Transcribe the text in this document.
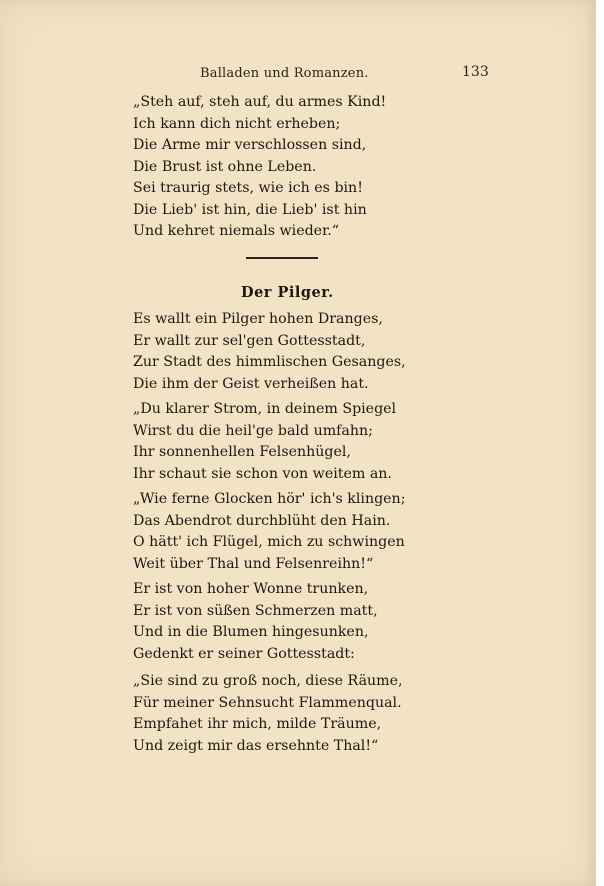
Balladen und Romanzen.	133

„Steh auf, steh auf, du armes Kind!
Ich kann dich nicht erheben;
Die Arme mir verschlossen sind,
Die Brust ist ohne Leben.
Sei traurig stets, wie ich es bin!
Die Lieb' ist hin, die Lieb' ist hin
Und kehret niemals wieder.“

Der Pilger.

Es wallt ein Pilger hohen Dranges,
Er wallt zur sel'gen Gottesstadt,
Zur Stadt des himmlischen Gesanges,
Die ihm der Geist verheißen hat.

„Du klarer Strom, in deinem Spiegel
Wirst du die heil'ge bald umfahn;
Ihr sonnenhellen Felsenhügel,
Ihr schaut sie schon von weitem an.

„Wie ferne Glocken hör' ich's klingen;
Das Abendrot durchblüht den Hain.
O hätt' ich Flügel, mich zu schwingen
Weit über Thal und Felsenreihn!“

Er ist von hoher Wonne trunken,
Er ist von süßen Schmerzen matt,
Und in die Blumen hingesunken,
Gedenkt er seiner Gottesstadt:

„Sie sind zu groß noch, diese Räume,
Für meiner Sehnsucht Flammenqual.
Empfahet ihr mich, milde Träume,
Und zeigt mir das ersehnte Thal!“
